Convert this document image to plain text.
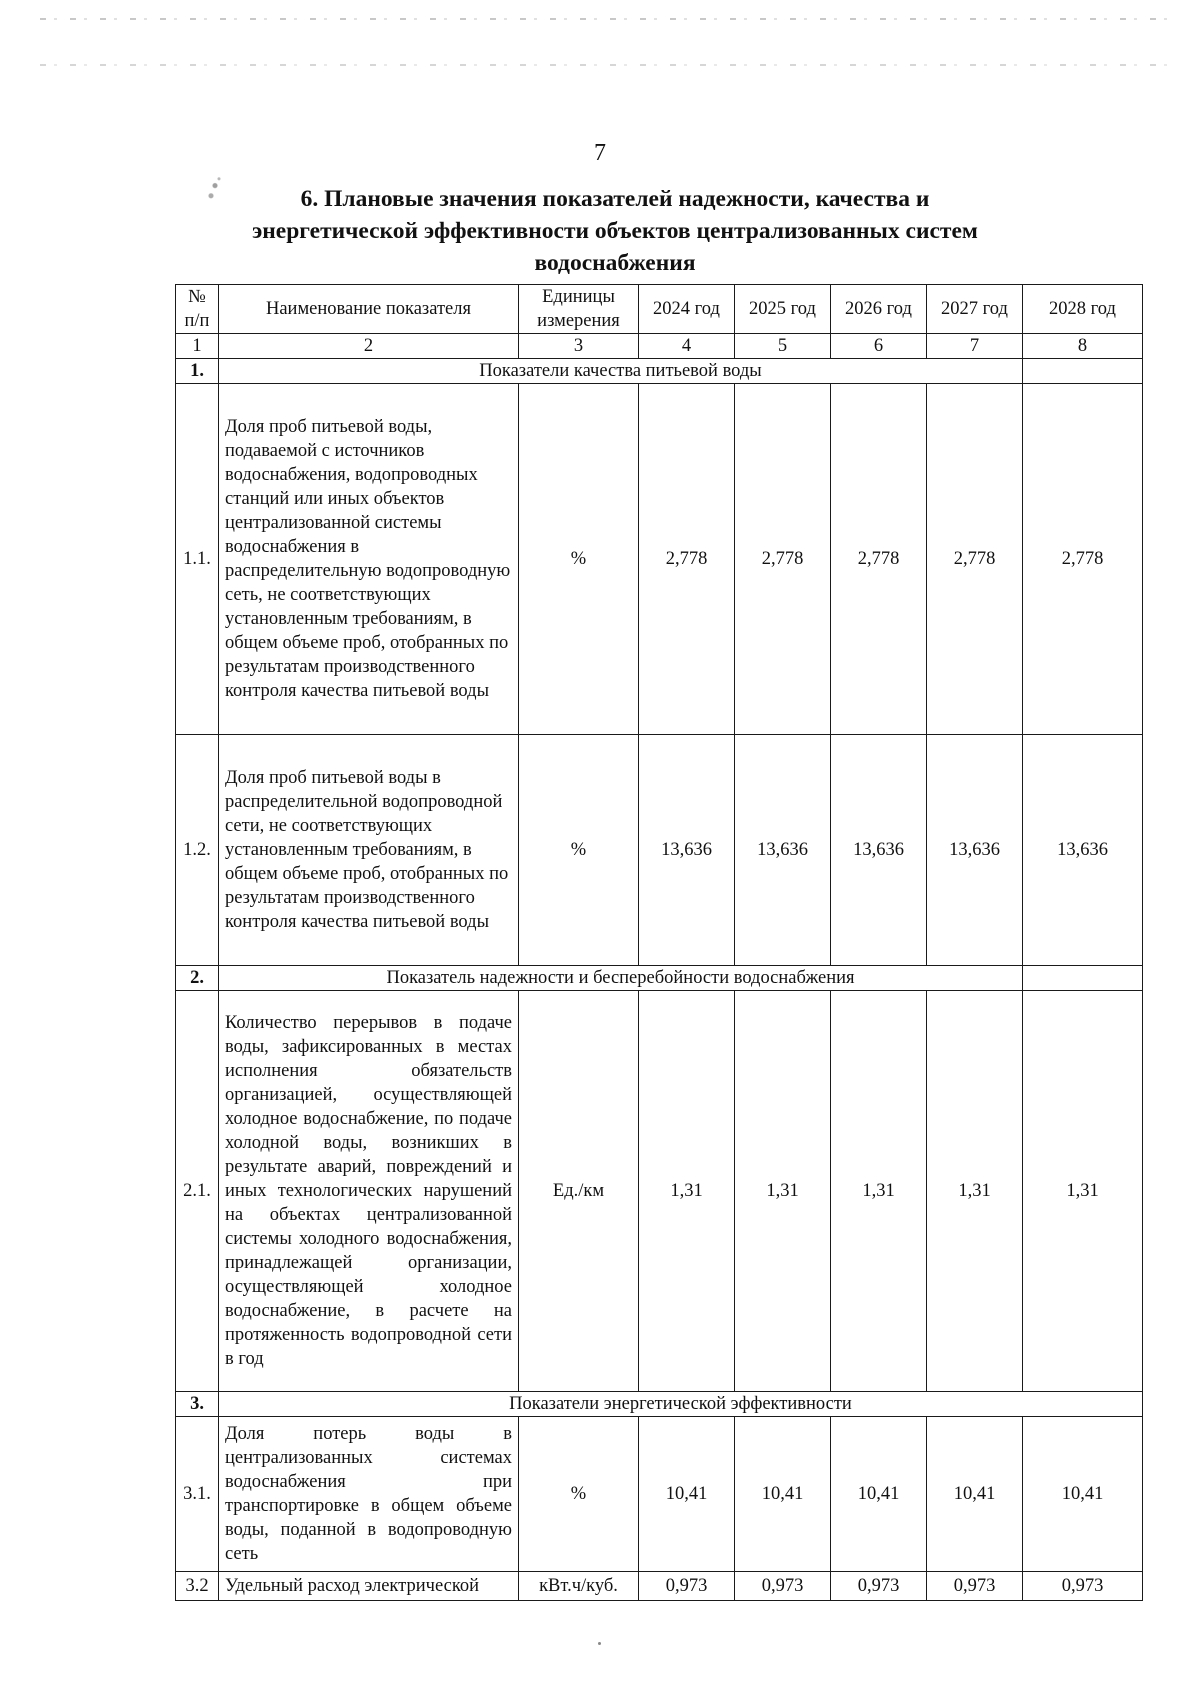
7
6. Плановые значения показателей надежности, качества и
энергетической эффективности объектов централизованных систем
водоснабжения
№ п/п	Наименование показателя	Единицы измерения	2024 год	2025 год	2026 год	2027 год	2028 год
1	2	3	4	5	6	7	8
1.	Показатели качества питьевой воды						
1.1.	Доля проб питьевой воды, подаваемой с источников водоснабжения, водопроводных станций или иных объектов централизованной системы водоснабжения в распределительную водопроводную сеть, не соответствующих установленным требованиям, в общем объеме проб, отобранных по результатам производственного контроля качества питьевой воды	%	2,778	2,778	2,778	2,778	2,778
1.2.	Доля проб питьевой воды в распределительной водопроводной сети, не соответствующих установленным требованиям, в общем объеме проб, отобранных по результатам производственного контроля качества питьевой воды	%	13,636	13,636	13,636	13,636	13,636
2.	Показатель надежности и бесперебойности водоснабжения						
2.1.	Количество перерывов в подаче воды, зафиксированных в местах исполнения обязательств организацией, осуществляющей холодное водоснабжение, по подаче холодной воды, возникших в результате аварий, повреждений и иных технологических нарушений на объектах централизованной системы холодного водоснабжения, принадлежащей организации, осуществляющей холодное водоснабжение, в расчете на протяженность водопроводной сети в год	Ед./км	1,31	1,31	1,31	1,31	1,31
3.	Показатели энергетической эффективности						
3.1.	Доля потерь воды в централизованных системах водоснабжения при транспортировке в общем объеме воды, поданной в водопроводную сеть	%	10,41	10,41	10,41	10,41	10,41
3.2	Удельный расход электрической	кВт.ч/куб.	0,973	0,973	0,973	0,973	0,973
